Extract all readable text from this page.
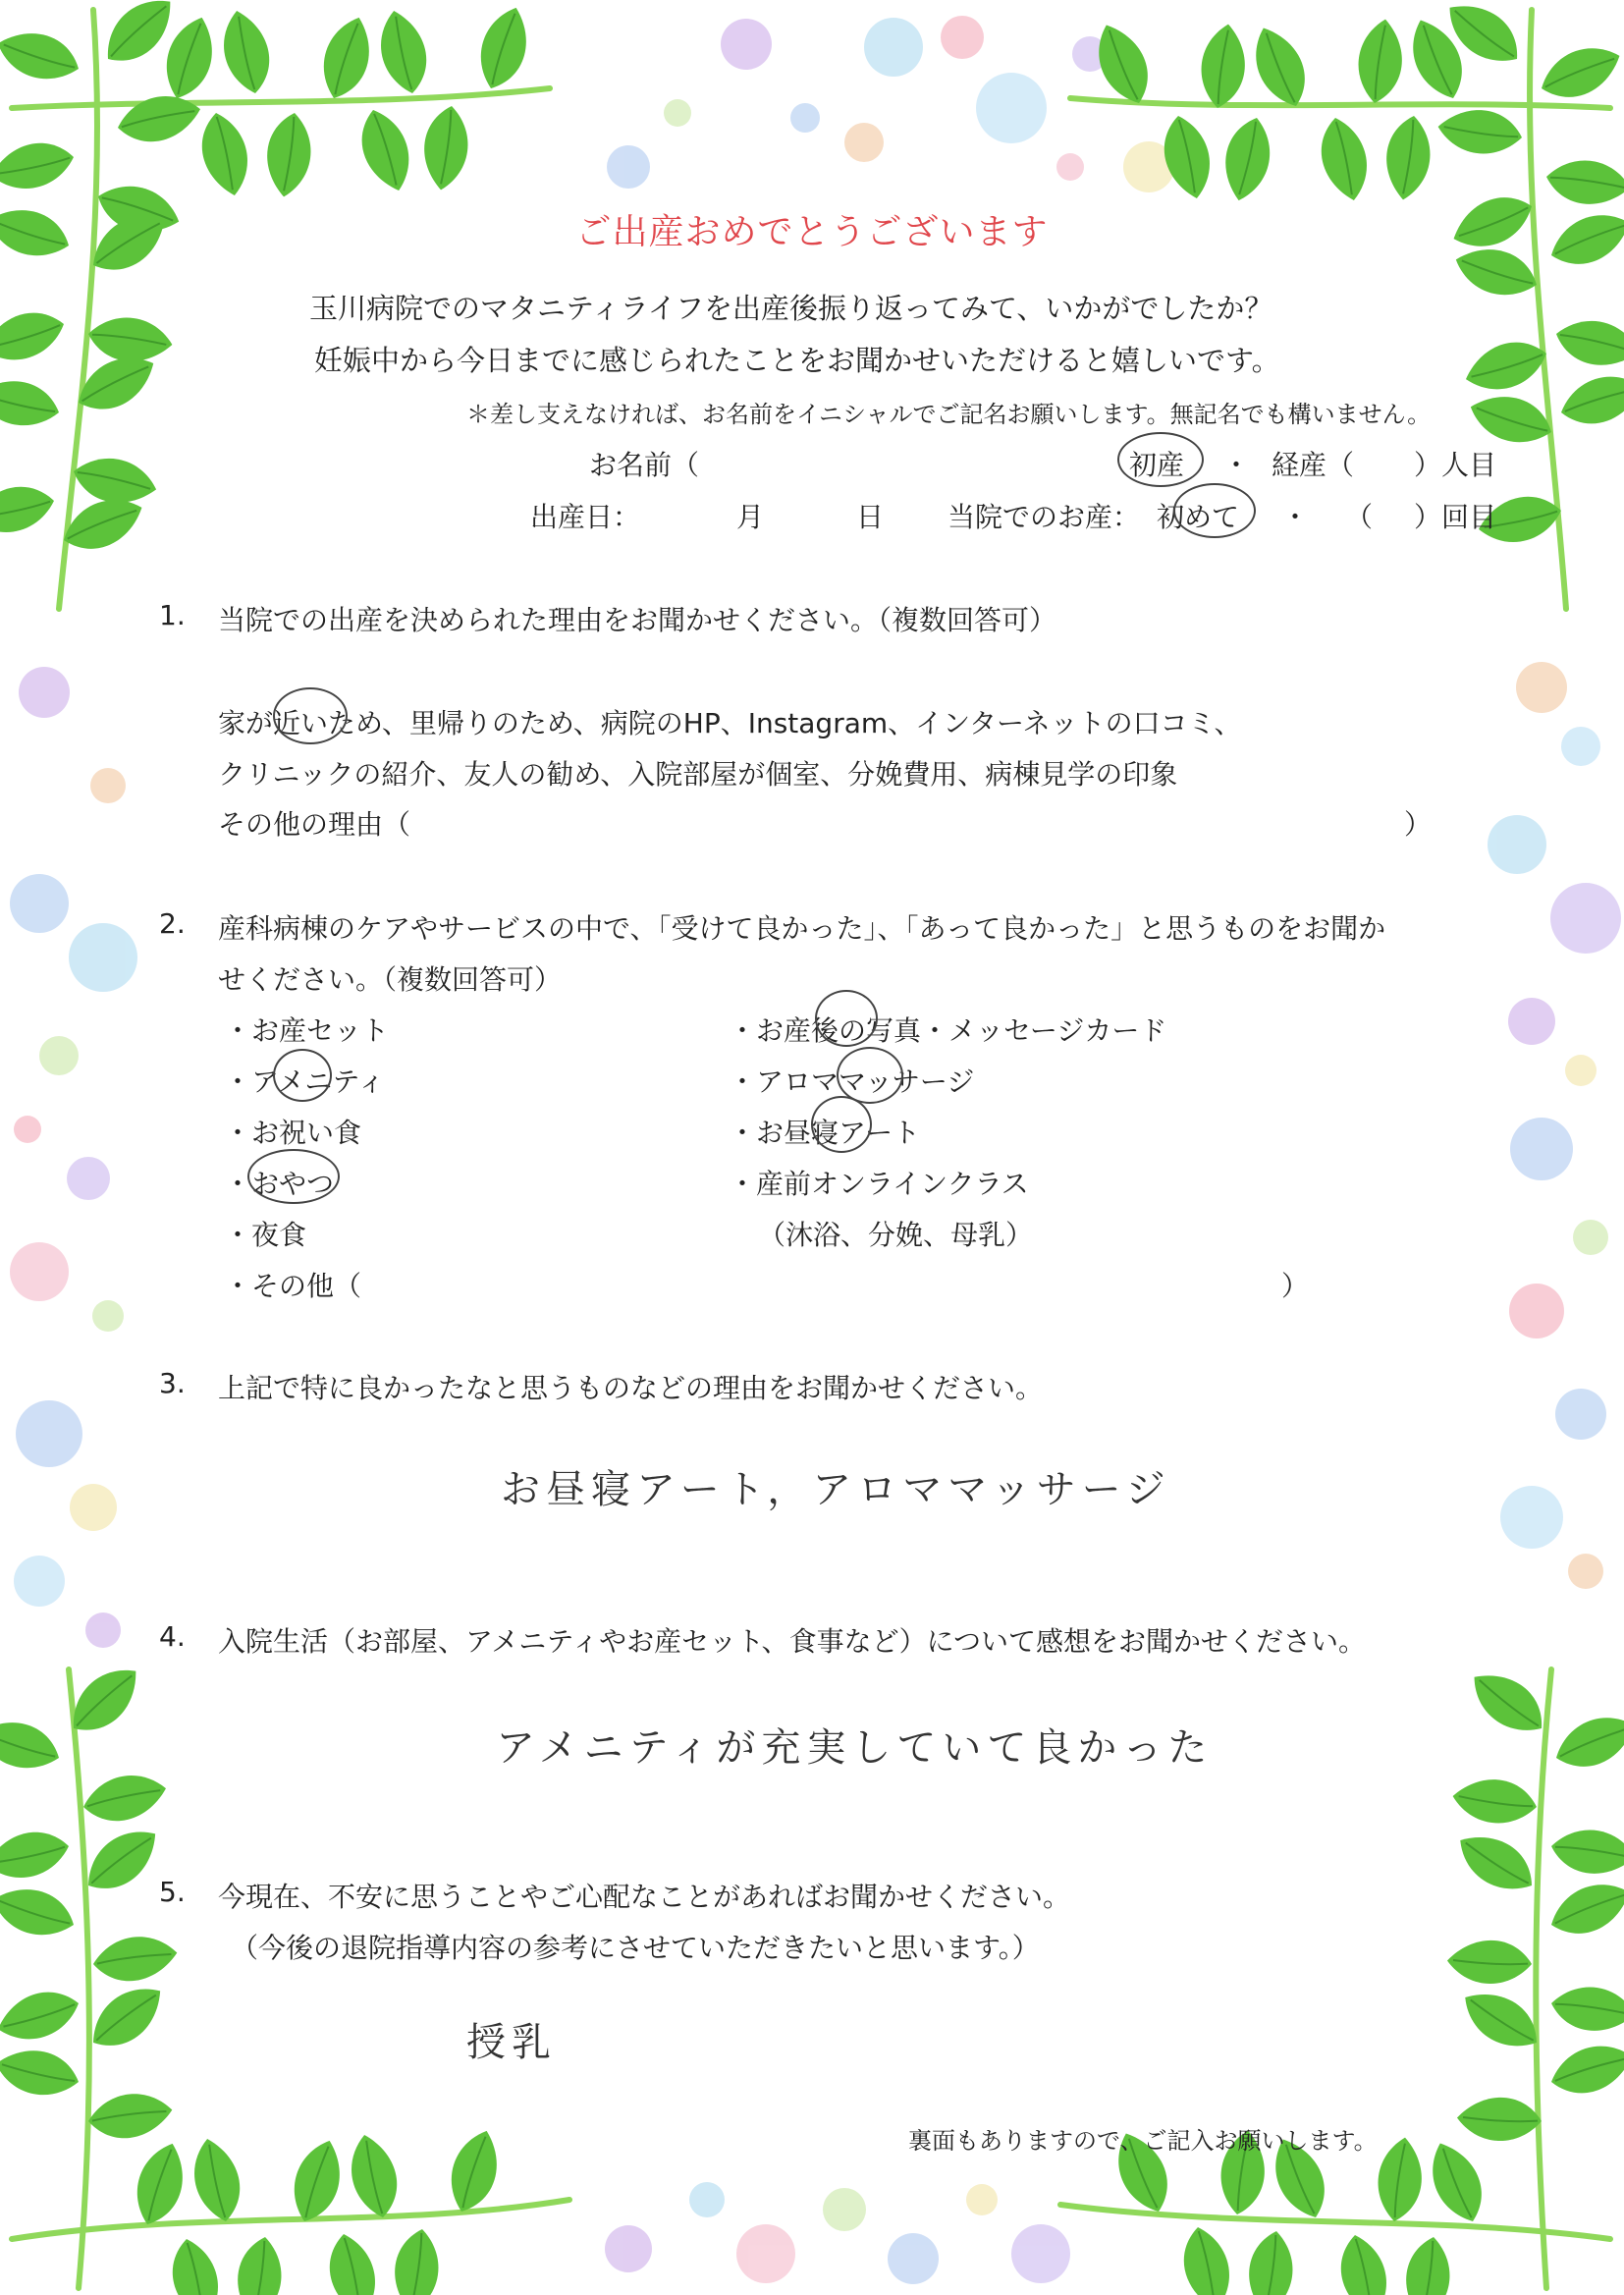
ご出産おめでとうございます
玉川病院でのマタニティライフを出産後振り返ってみて、いかがでしたか？
妊娠中から今日までに感じられたことをお聞かせいただけると嬉しいです。
＊差し支えなければ、お名前をイニシャルでご記名お願いします。無記名でも構いません。
お名前（	初産 ・ 経産（ ）人目
出産日：	月	日 当院でのお産： 初めて ・ （ ）回目
1. 当院での出産を決められた理由をお聞かせください。（複数回答可）
家が近いため、里帰りのため、病院のHP、Instagram、インターネットの口コミ、
クリニックの紹介、友人の勧め、入院部屋が個室、分娩費用、病棟見学の印象
その他の理由（	）
2. 産科病棟のケアやサービスの中で、「受けて良かった」、「あって良かった」と思うものをお聞か
せください。（複数回答可）
・お産セット
・アメニティ
・お祝い食
・おやつ
・夜食
・その他（	）
・お産後の写真・メッセージカード
・アロママッサージ
・お昼寝アート
・産前オンラインクラス
（沐浴、分娩、母乳）
3. 上記で特に良かったなと思うものなどの理由をお聞かせください。
お昼寝アート，アロママッサージ
4. 入院生活（お部屋、アメニティやお産セット、食事など）について感想をお聞かせください。
アメニティが充実していて良かった
5. 今現在、不安に思うことやご心配なことがあればお聞かせください。
（今後の退院指導内容の参考にさせていただきたいと思います。）
授乳
裏面もありますので、ご記入お願いします。
